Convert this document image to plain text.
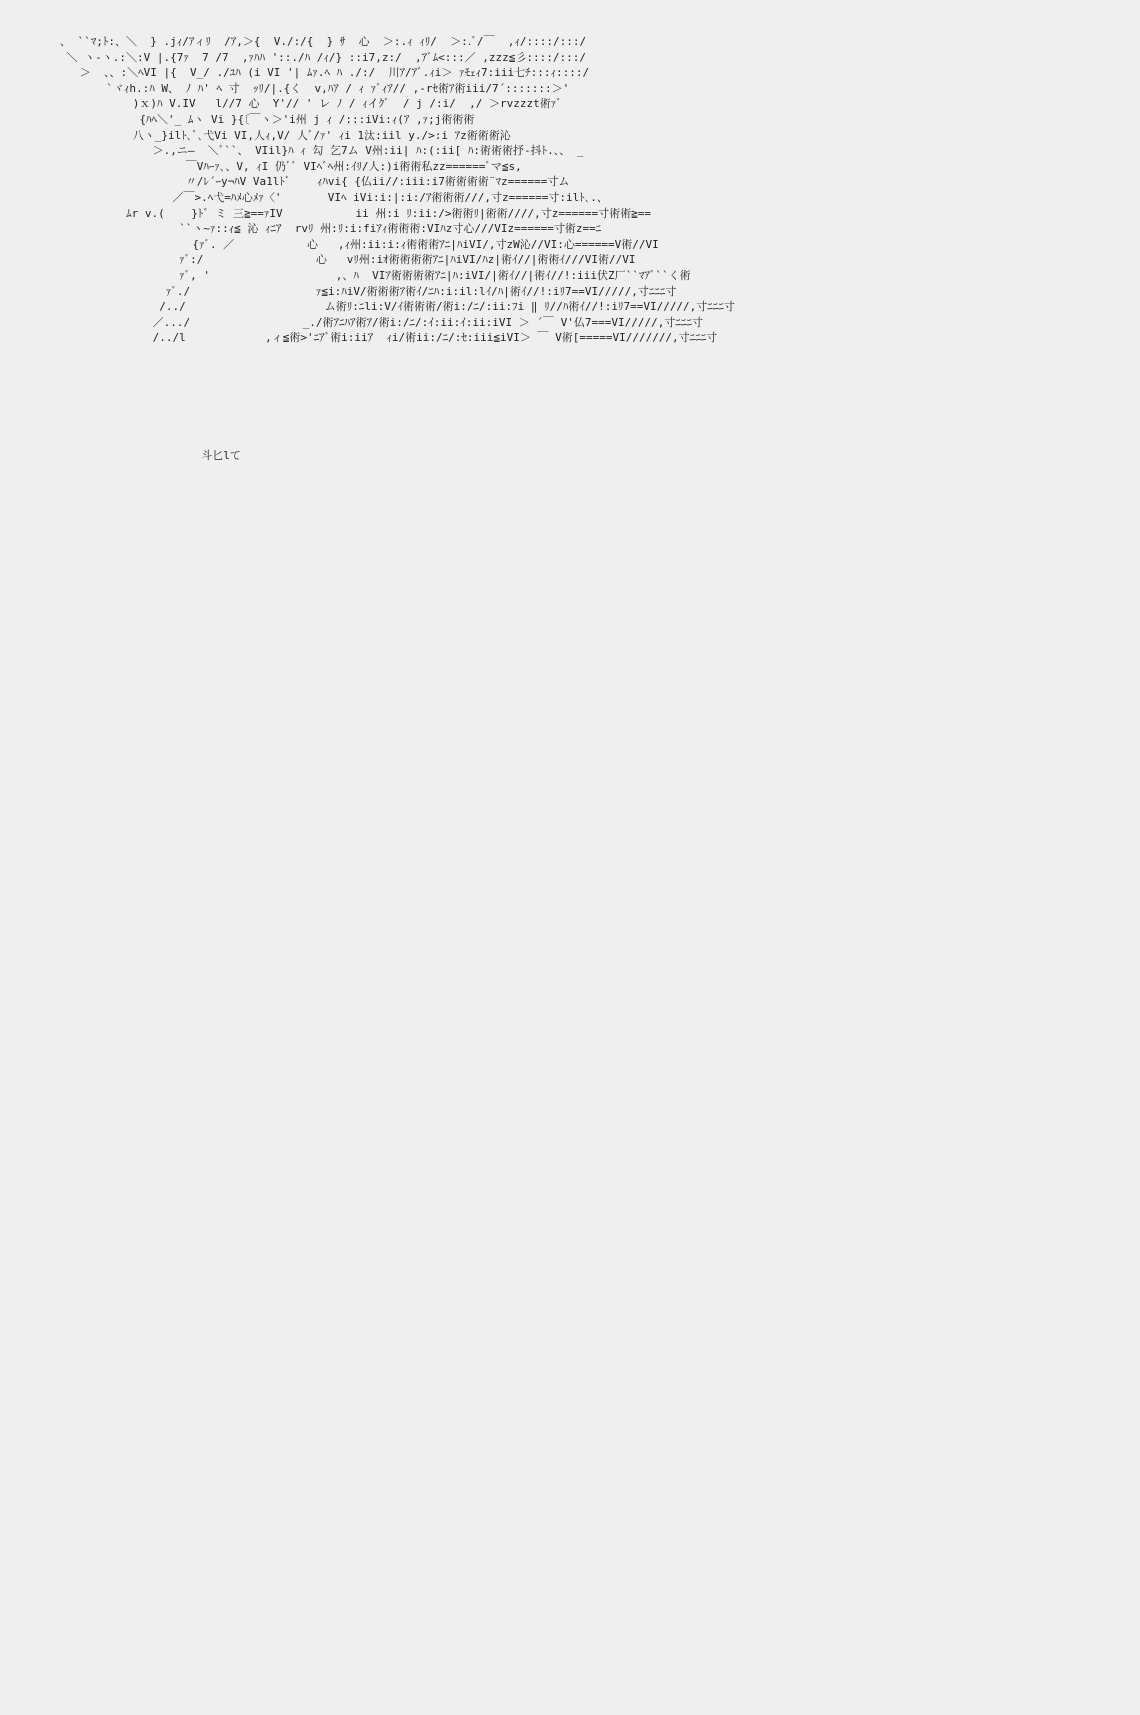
、 ``ﾏ;ﾄ:、＼  } .jｨ/ｱィﾘ  /ｱ,＞{  V./:/{  } ｻ  心  ＞:.ｨ ｨﾘ/  ＞:.ﾞ/￣  ,ｨ/::::/:::/
＼ ヽ-ヽ.:＼:V |.{7ｧ  7 /7  ,ｧﾊﾊ '::./ﾊ /ｨ/} ::i7,z:/  ,ｱﾞﾑ<:::／ ,zzz≦彡::::/:::/
＞  、、:＼ﾍVI |{  V_/ ./ﾕﾊ (i VI '| ﾑｧ.ﾍ ﾊ ./:/  川ｱ/ｱﾞ.ｨi＞ ｧﾓｪｨ7:iii七ﾁ:::ｨ::::/
`ヾｨh.:ﾊ W、 ﾉ ﾊ' ﾍ 寸  ｯﾘ/|.{く  v,ﾊｱ / ｨ ｧﾞｨｱ// ,-rｾ術ｱ術iii/7´:::::::＞'
)ｘ)ﾊ V.IV   l//7 心  Y'// ' レ ﾉ / ｨイｸﾞ  / j /:i/  ,/ ＞rvzzzt術ｧﾞ
{ﾊﾍ＼'_ ﾑヽ Vi }{〔￣ヽ＞'i州 j ｨ /:::iVi:ｨ(ｱ ,ｧ;j術術術
八ヽ_}ilﾄ､ﾞ､弋Vi VI,人ｨ,V/ 人ﾞ/ｧ' ｨi 1汰:iil y./>:i ｱz術術術沁
＞.,ニ―  ＼ﾞ``、 VIil}ﾊ ｨ 勾 乞7ム V州:ii| ﾊ:(:ii[ ﾊ:術術術抒-抖ﾄ.、、 _
￣Vﾊｰｧ､、V, ｨI 仍ﾞﾞ VIﾍﾞﾍ州:ｲﾘ/人:)i術術私zz======ﾞマ≦s,
〃/ﾚ´ｰy¬ﾊV Va1lﾄﾞ    ｨﾊvi{ {仏ii//:iii:i7術術術術¨ﾏz======寸ム
／￣>.ﾍ弋=ﾊﾒ心ﾒｧ〈'       VIﾍ iVi:i:|:i:/ｱ術術術///,寸z======寸:ilﾄ､.、
ﾑr v.(    }ﾄﾞ ミ 三≧==ｧIV           ii 州:i ﾘ:ii:/>術術ﾘ|術術////,寸z======寸術術≧==
``ヽ~ｧ::ｨ≦ 沁 ｨﾆｱ  rvﾘ 州:ﾘ:i:fiｱｨ術術術:VIﾊz寸心///VIz======寸術z==ﾆ
{ｧﾞ. ／           心   ,ｨ州:ii:i:ｨ術術術ｱﾆ|ﾊiVI/,寸zW沁//VI:心======V術//VI
ｧﾞ:/                 心   vﾘ州:iｵ術術術術ｱﾆ|ﾊiVI/ﾊz|術ｲ//|術術ｲ///VI術//VI
ｧﾞ, '                   ,、ﾊ  VIｱ術術術術ｱﾆ|ﾊ:iVI/|術ｲ//|術ｲ//!:iii伏Z厂``ﾏｱﾞ``く術
ｧﾞ./                   ｧ≦i:ﾊiV/術術術ｱ術ｲ/ﾆﾊ:i:il:lｲ/ﾊ|術ｲ//!:iﾘ7==VI/////,寸ﾆﾆﾆ寸
/../                     ム術ﾘ:ﾆli:V/ｲ術術術/術i:/ﾆ/:ii:ﾌi ‖ ﾘ//ﾊ術ｲ//!:iﾘ7==VI/////,寸ﾆﾆﾆ寸
／.../                 _./術ｱﾆﾊｱ術ｱ/術i:/ﾆ/:ｲ:ii:ｲ:ii:iVI ＞ ´￣ V'仏7===VI/////,寸ﾆﾆﾆ寸
/../l            ,ィ≦術>'ﾆｱﾞ術i:iiｱ  ｨi/術ii:/ﾆ/:ｾ:iii≦iVI＞ ￣ V術[=====VI///////,寸ﾆﾆﾆ寸
斗匕lて
